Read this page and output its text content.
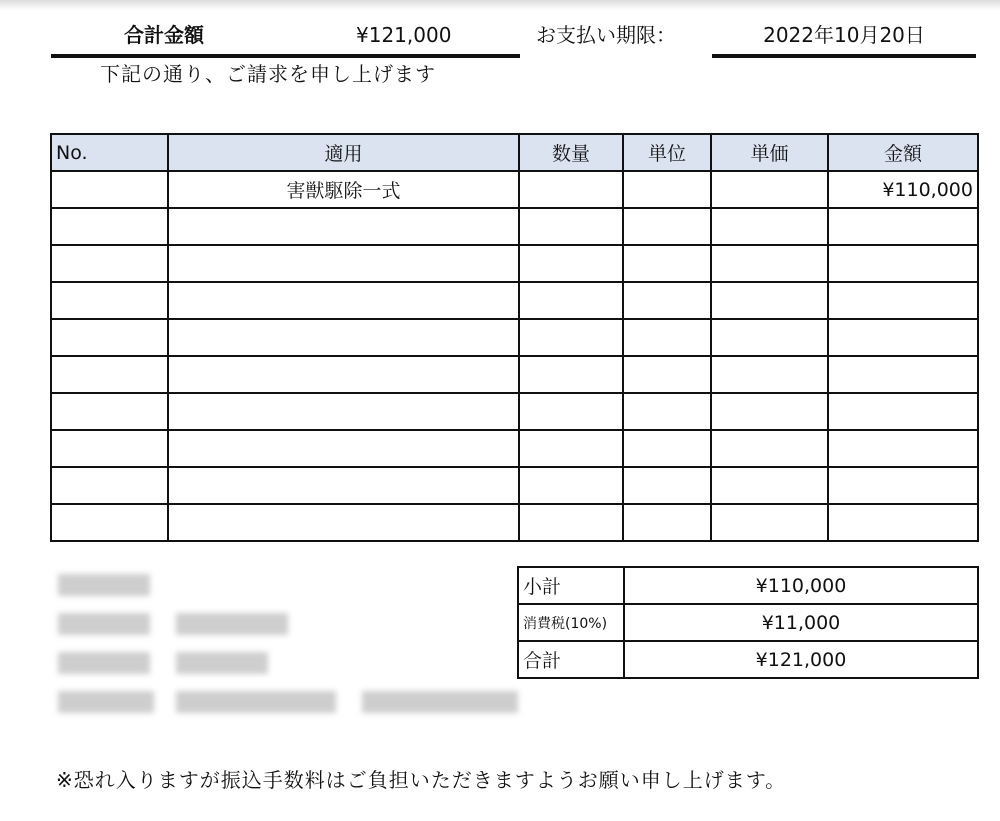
合計金額	¥121,000	お支払い期限：	2022年10月20日
下記の通り、ご請求を申し上げます
No.	適用	数量	単位	単価	金額
	害獣駆除一式				¥110,000

小計	¥110,000
消費税(10%)	¥11,000
合計	¥121,000
※恐れ入りますが振込手数料はご負担いただきますようお願い申し上げます。
